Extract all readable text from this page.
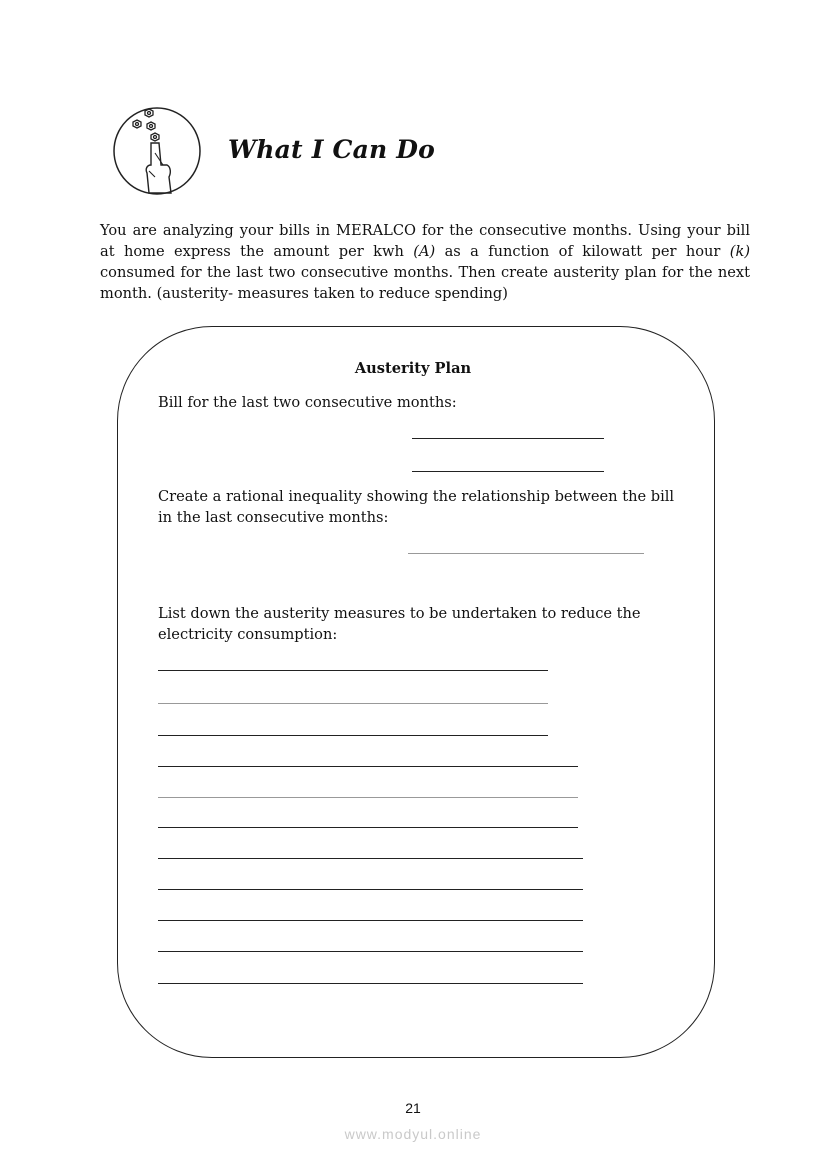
What I Can Do

You are analyzing your bills in MERALCO for the consecutive months. Using your bill at home express the amount per kwh (A) as a function of kilowatt per hour (k) consumed for the last two consecutive months. Then create austerity plan for the next month. (austerity- measures taken to reduce spending)

Austerity Plan
Bill for the last two consecutive months:
Create a rational inequality showing the relationship between the bill
in the last consecutive months:
List down the austerity measures to be undertaken to reduce the
electricity consumption:
21
www.modyul.online
